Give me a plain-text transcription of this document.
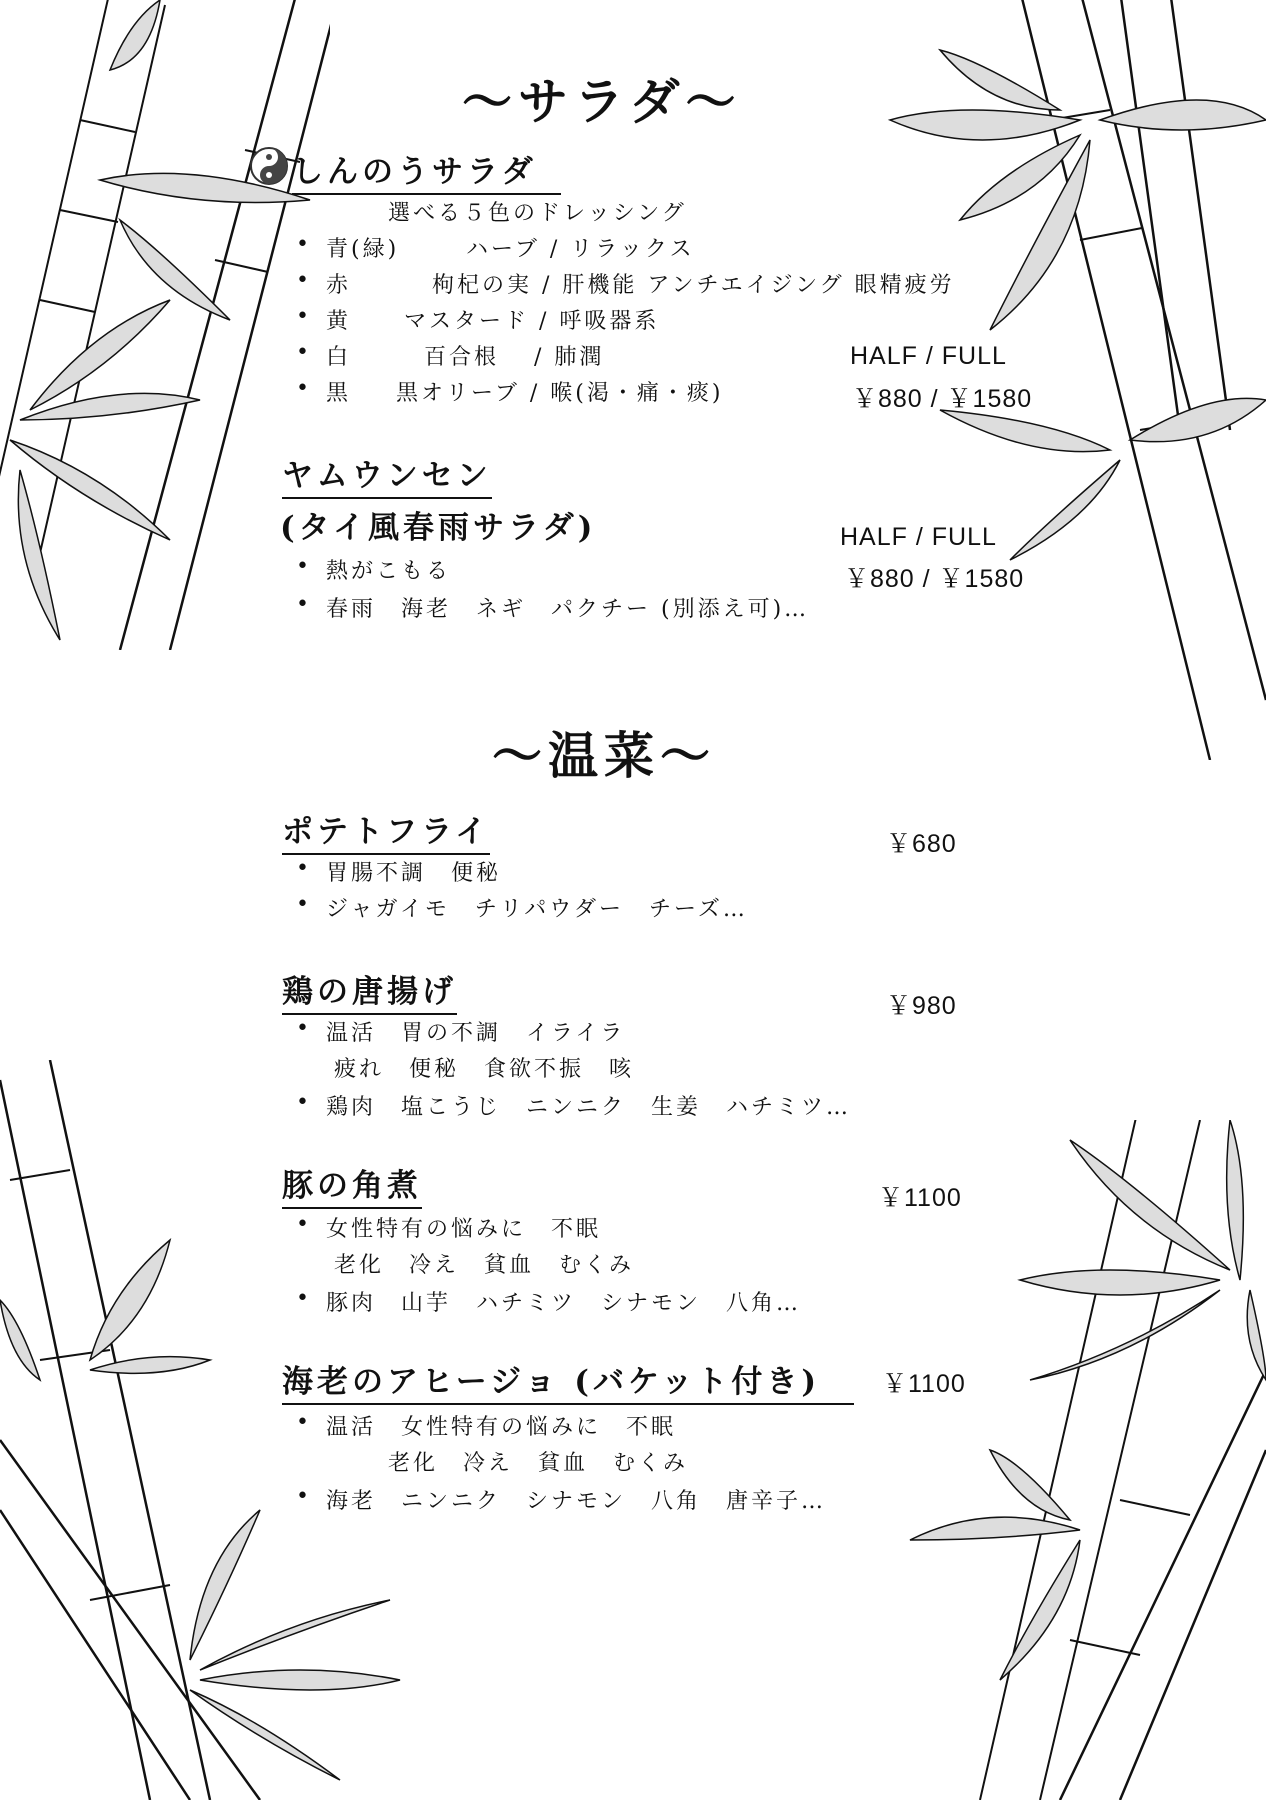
〜サラダ〜
しんのうサラダ
選べる５色のドレッシング
• 青(緑)	ハーブ / リラックス
• 赤	枸杞の実 / 肝機能 アンチエイジング 眼精疲労
• 黄 マスタード / 呼吸器系
• 白	百合根　 / 肺潤
• 黒 黒オリーブ / 喉(渇・痛・痰)
HALF / FULL
￥880 / ￥1580
ヤムウンセン
(タイ風春雨サラダ)	HALF / FULL
￥880 / ￥1580
• 熱がこもる
• 春雨　海老　ネギ　パクチー (別添え可)…
〜温菜〜
ポテトフライ	￥680
• 胃腸不調　便秘
• ジャガイモ　チリパウダー　チーズ…
鶏の唐揚げ	￥980
• 温活　胃の不調　イライラ
疲れ　便秘　食欲不振　咳
• 鶏肉　塩こうじ　ニンニク　生姜　ハチミツ…
豚の角煮	￥1100
• 女性特有の悩みに　不眠
老化　冷え　貧血　むくみ
• 豚肉　山芋　ハチミツ　シナモン　八角…
海老のアヒージョ (バケット付き)	￥1100
• 温活　女性特有の悩みに　不眠
老化　冷え　貧血　むくみ
• 海老　ニンニク　シナモン　八角　唐辛子…
